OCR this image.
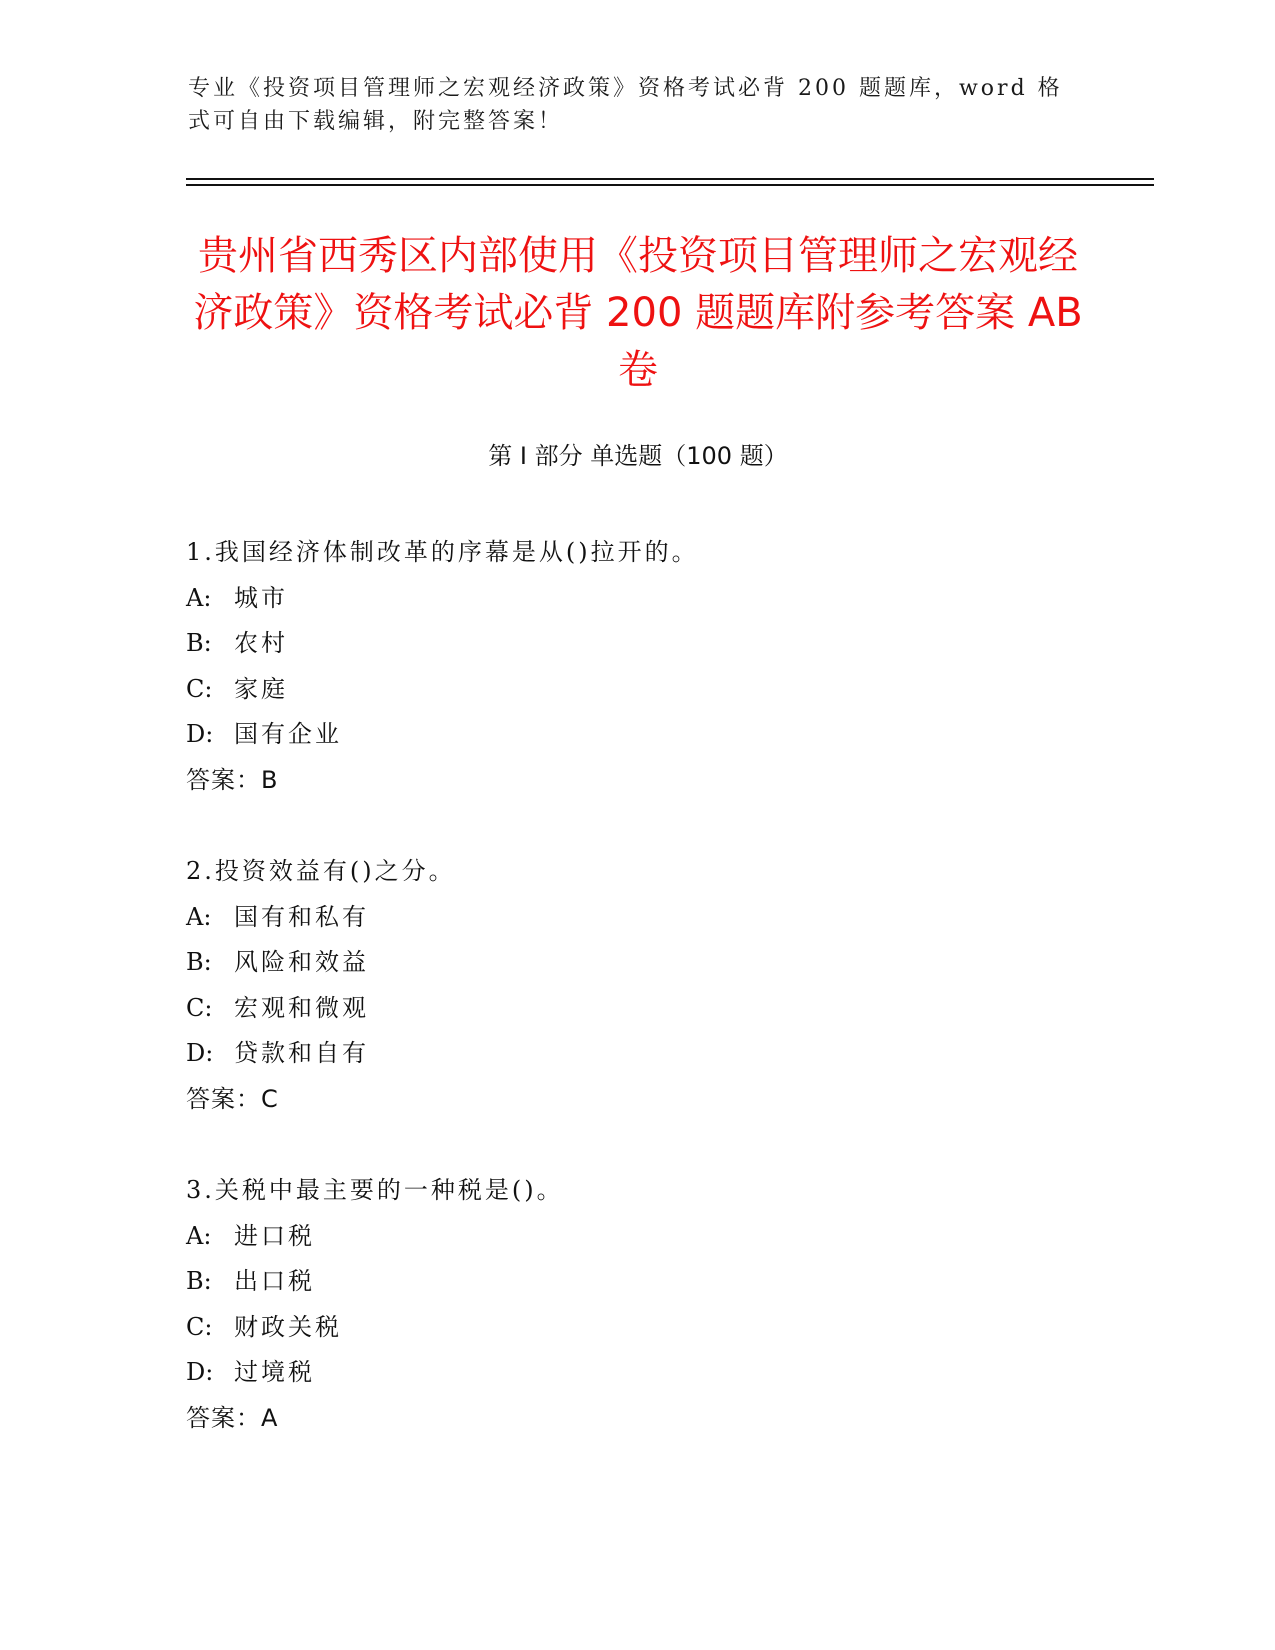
专业《投资项目管理师之宏观经济政策》资格考试必背 200 题题库，word 格式可自由下载编辑，附完整答案！
贵州省西秀区内部使用《投资项目管理师之宏观经济政策》资格考试必背 200 题题库附参考答案 AB 卷
第 I 部分 单选题（100 题）
1.我国经济体制改革的序幕是从()拉开的。
A: 城市
B: 农村
C: 家庭
D: 国有企业
答案：B
2.投资效益有()之分。
A: 国有和私有
B: 风险和效益
C: 宏观和微观
D: 贷款和自有
答案：C
3.关税中最主要的一种税是()。
A: 进口税
B: 出口税
C: 财政关税
D: 过境税
答案：A
